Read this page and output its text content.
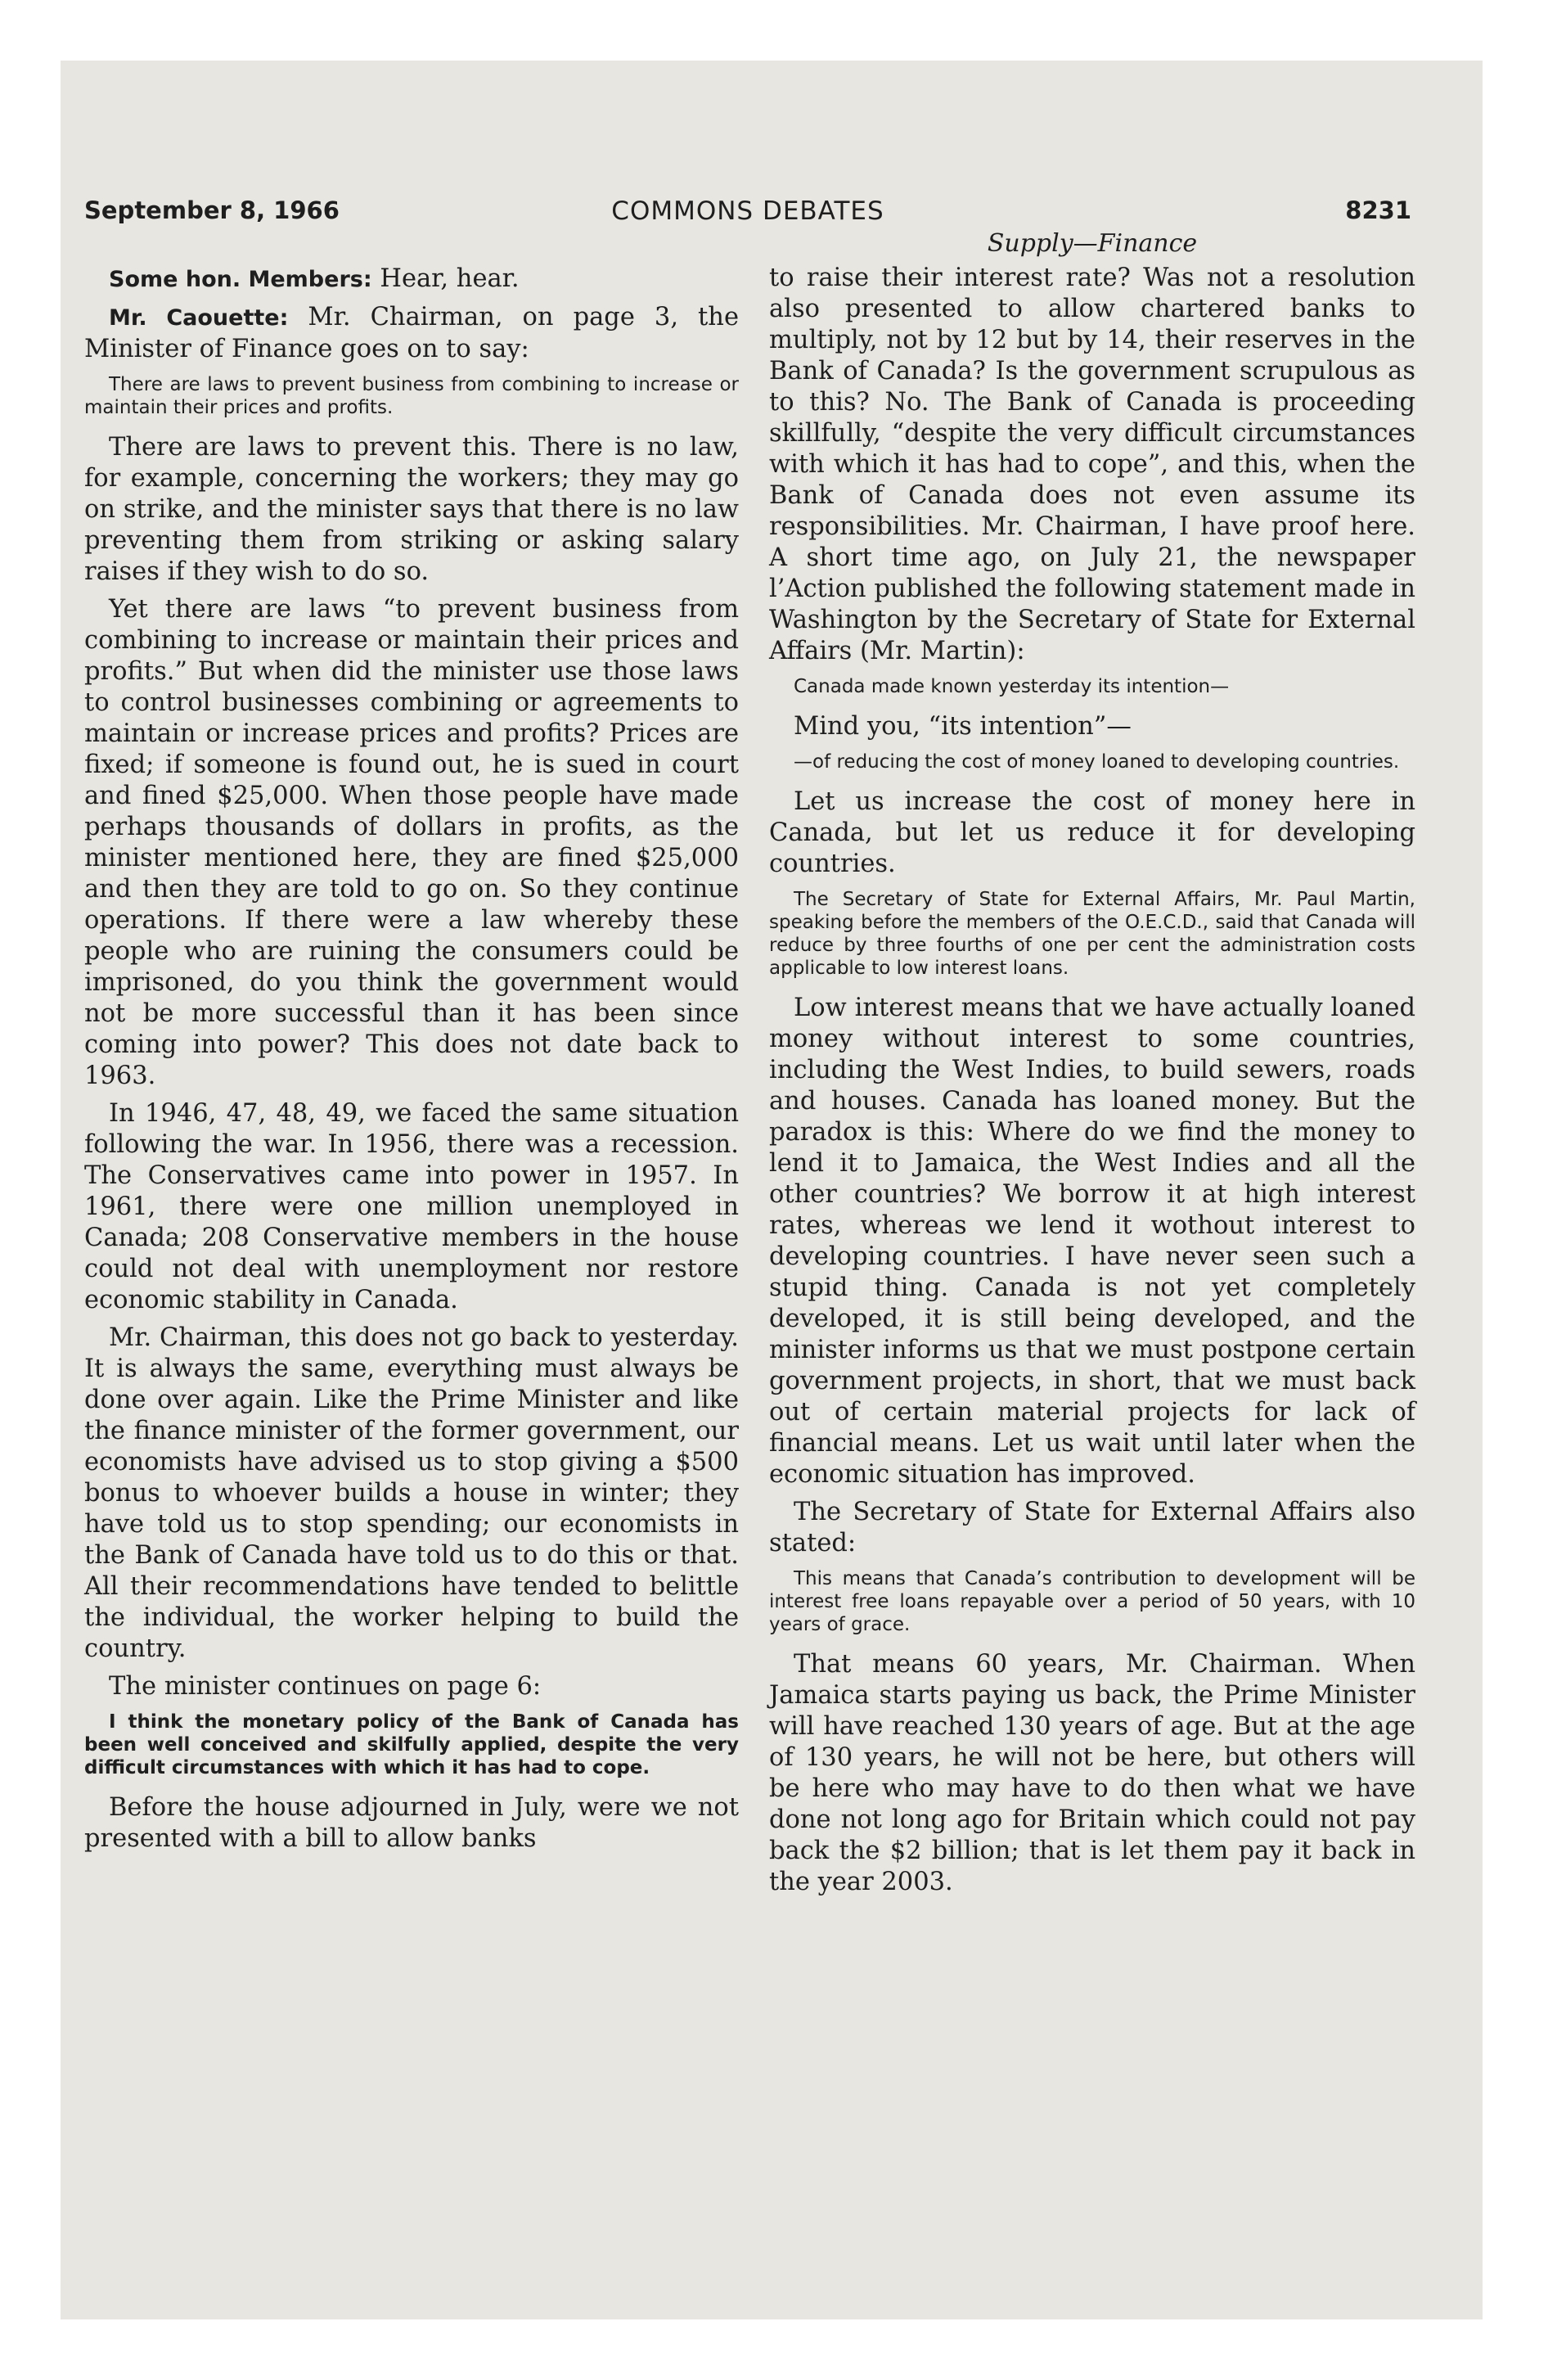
September 8, 1966	COMMONS DEBATES	8231

Some hon. Members: Hear, hear.

Mr. Caouette: Mr. Chairman, on page 3, the Minister of Finance goes on to say:

There are laws to prevent business from combining to increase or maintain their prices and profits.

There are laws to prevent this. There is no law, for example, concerning the workers; they may go on strike, and the minister says that there is no law preventing them from striking or asking salary raises if they wish to do so.

Yet there are laws “to prevent business from combining to increase or maintain their prices and profits.” But when did the minister use those laws to control businesses combining or agreements to maintain or increase prices and profits? Prices are fixed; if someone is found out, he is sued in court and fined $25,000. When those people have made perhaps thousands of dollars in profits, as the minister mentioned here, they are fined $25,000 and then they are told to go on. So they continue operations. If there were a law whereby these people who are ruining the consumers could be imprisoned, do you think the government would not be more successful than it has been since coming into power? This does not date back to 1963.

In 1946, 47, 48, 49, we faced the same situation following the war. In 1956, there was a recession. The Conservatives came into power in 1957. In 1961, there were one million unemployed in Canada; 208 Conservative members in the house could not deal with unemployment nor restore economic stability in Canada.

Mr. Chairman, this does not go back to yesterday. It is always the same, everything must always be done over again. Like the Prime Minister and like the finance minister of the former government, our economists have advised us to stop giving a $500 bonus to whoever builds a house in winter; they have told us to stop spending; our economists in the Bank of Canada have told us to do this or that. All their recommendations have tended to belittle the individual, the worker helping to build the country.

The minister continues on page 6:

I think the monetary policy of the Bank of Canada has been well conceived and skilfully applied, despite the very difficult circumstances with which it has had to cope.

Before the house adjourned in July, were we not presented with a bill to allow banks

Supply—Finance

to raise their interest rate? Was not a resolution also presented to allow chartered banks to multiply, not by 12 but by 14, their reserves in the Bank of Canada? Is the government scrupulous as to this? No. The Bank of Canada is proceeding skillfully, “despite the very difficult circumstances with which it has had to cope”, and this, when the Bank of Canada does not even assume its responsibilities. Mr. Chairman, I have proof here. A short time ago, on July 21, the newspaper l’Action published the following statement made in Washington by the Secretary of State for External Affairs (Mr. Martin):

Canada made known yesterday its intention—

Mind you, “its intention”—

—of reducing the cost of money loaned to developing countries.

Let us increase the cost of money here in Canada, but let us reduce it for developing countries.

The Secretary of State for External Affairs, Mr. Paul Martin, speaking before the members of the O.E.C.D., said that Canada will reduce by three fourths of one per cent the administration costs applicable to low interest loans.

Low interest means that we have actually loaned money without interest to some countries, including the West Indies, to build sewers, roads and houses. Canada has loaned money. But the paradox is this: Where do we find the money to lend it to Jamaica, the West Indies and all the other countries? We borrow it at high interest rates, whereas we lend it wothout interest to developing countries. I have never seen such a stupid thing. Canada is not yet completely developed, it is still being developed, and the minister informs us that we must postpone certain government projects, in short, that we must back out of certain material projects for lack of financial means. Let us wait until later when the economic situation has improved.

The Secretary of State for External Affairs also stated:

This means that Canada’s contribution to development will be interest free loans repayable over a period of 50 years, with 10 years of grace.

That means 60 years, Mr. Chairman. When Jamaica starts paying us back, the Prime Minister will have reached 130 years of age. But at the age of 130 years, he will not be here, but others will be here who may have to do then what we have done not long ago for Britain which could not pay back the $2 billion; that is let them pay it back in the year 2003.
